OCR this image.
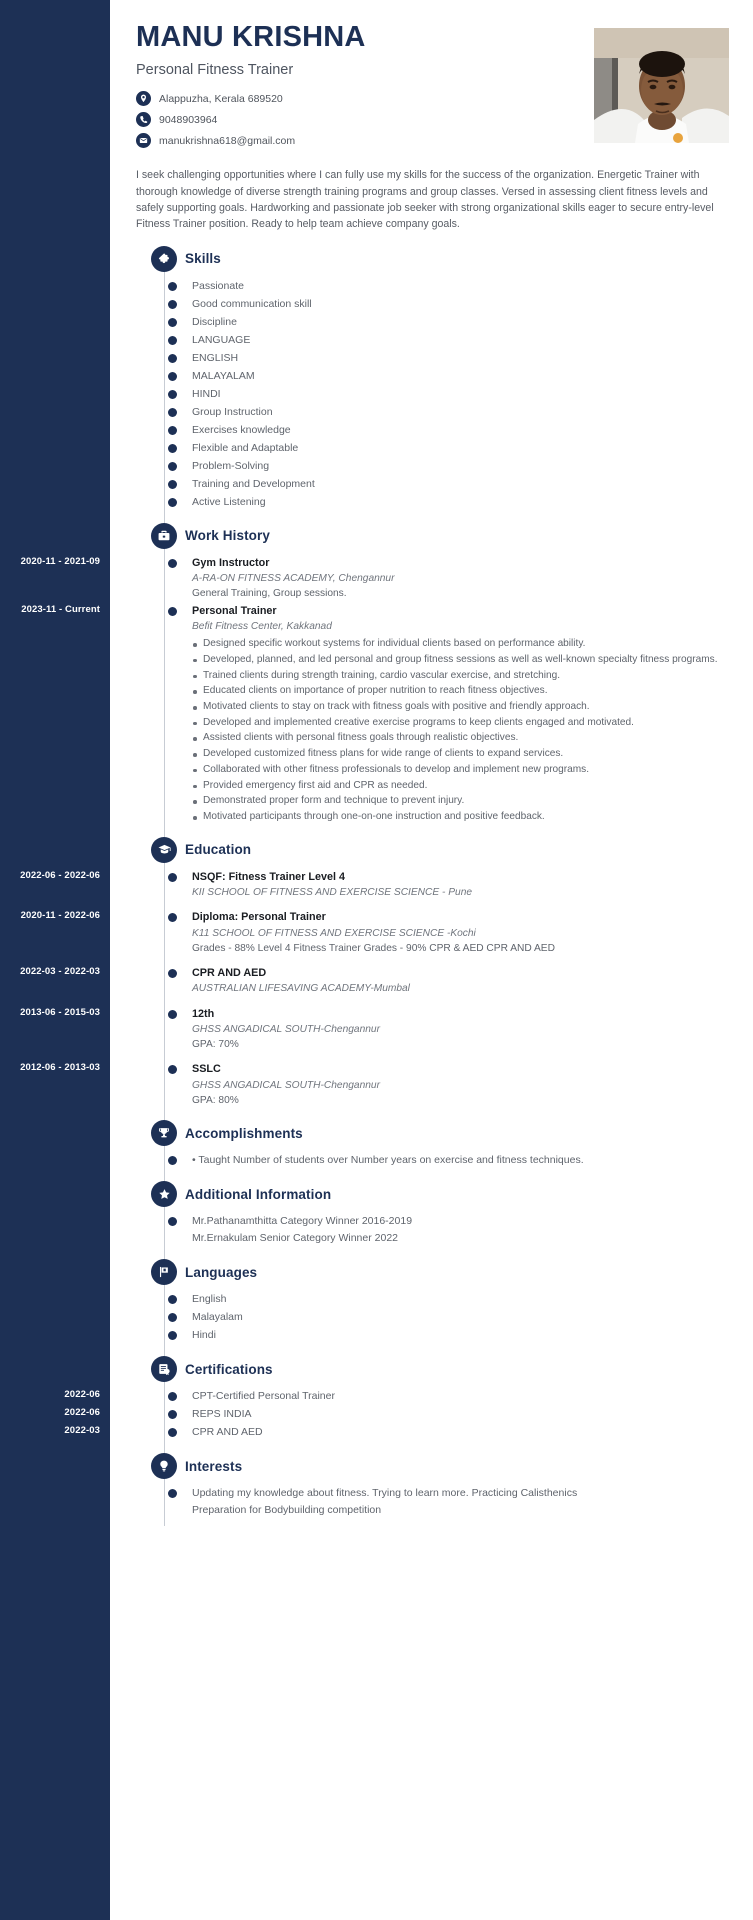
2020-11 - 2021-09
2023-11 - Current
2022-06 - 2022-06
2020-11 - 2022-06
2022-03 - 2022-03
2013-06 - 2015-03
2012-06 - 2013-03
2022-06
2022-06
2022-03
MANU KRISHNA
Personal Fitness Trainer
Alappuzha, Kerala 689520
9048903964
manukrishna618@gmail.com
I seek challenging opportunities where I can fully use my skills for the success of the organization. Energetic Trainer with thorough knowledge of diverse strength training programs and group classes. Versed in assessing client fitness levels and safely supporting goals. Hardworking and passionate job seeker with strong organizational skills eager to secure entry-level Fitness Trainer position. Ready to help team achieve company goals.
Skills
Passionate
Good communication skill
Discipline
LANGUAGE
ENGLISH
MALAYALAM
HINDI
Group Instruction
Exercises knowledge
Flexible and Adaptable
Problem-Solving
Training and Development
Active Listening
Work History
Gym Instructor
A-RA-ON FITNESS ACADEMY, Chengannur
General Training, Group sessions.
Personal Trainer
Befit Fitness Center, Kakkanad
Designed specific workout systems for individual clients based on performance ability.
Developed, planned, and led personal and group fitness sessions as well as well-known specialty fitness programs.
Trained clients during strength training, cardio vascular exercise, and stretching.
Educated clients on importance of proper nutrition to reach fitness objectives.
Motivated clients to stay on track with fitness goals with positive and friendly approach.
Developed and implemented creative exercise programs to keep clients engaged and motivated.
Assisted clients with personal fitness goals through realistic objectives.
Developed customized fitness plans for wide range of clients to expand services.
Collaborated with other fitness professionals to develop and implement new programs.
Provided emergency first aid and CPR as needed.
Demonstrated proper form and technique to prevent injury.
Motivated participants through one-on-one instruction and positive feedback.
Education
NSQF: Fitness Trainer Level 4
KII SCHOOL OF FITNESS AND EXERCISE SCIENCE - Pune
Diploma: Personal Trainer
K11 SCHOOL OF FITNESS AND EXERCISE SCIENCE -Kochi
Grades - 88% Level 4 Fitness Trainer Grades - 90% CPR & AED CPR AND AED
CPR AND AED
AUSTRALIAN LIFESAVING ACADEMY-Mumbal
12th
GHSS ANGADICAL SOUTH-Chengannur
GPA: 70%
SSLC
GHSS ANGADICAL SOUTH-Chengannur
GPA: 80%
Accomplishments
• Taught Number of students over Number years on exercise and fitness techniques.
Additional Information
Mr.Pathanamthitta Category Winner 2016-2019
Mr.Ernakulam Senior Category Winner 2022
Languages
English
Malayalam
Hindi
Certifications
CPT-Certified Personal Trainer
REPS INDIA
CPR AND AED
Interests
Updating my knowledge about fitness. Trying to learn more. Practicing Calisthenics
Preparation for Bodybuilding competition
